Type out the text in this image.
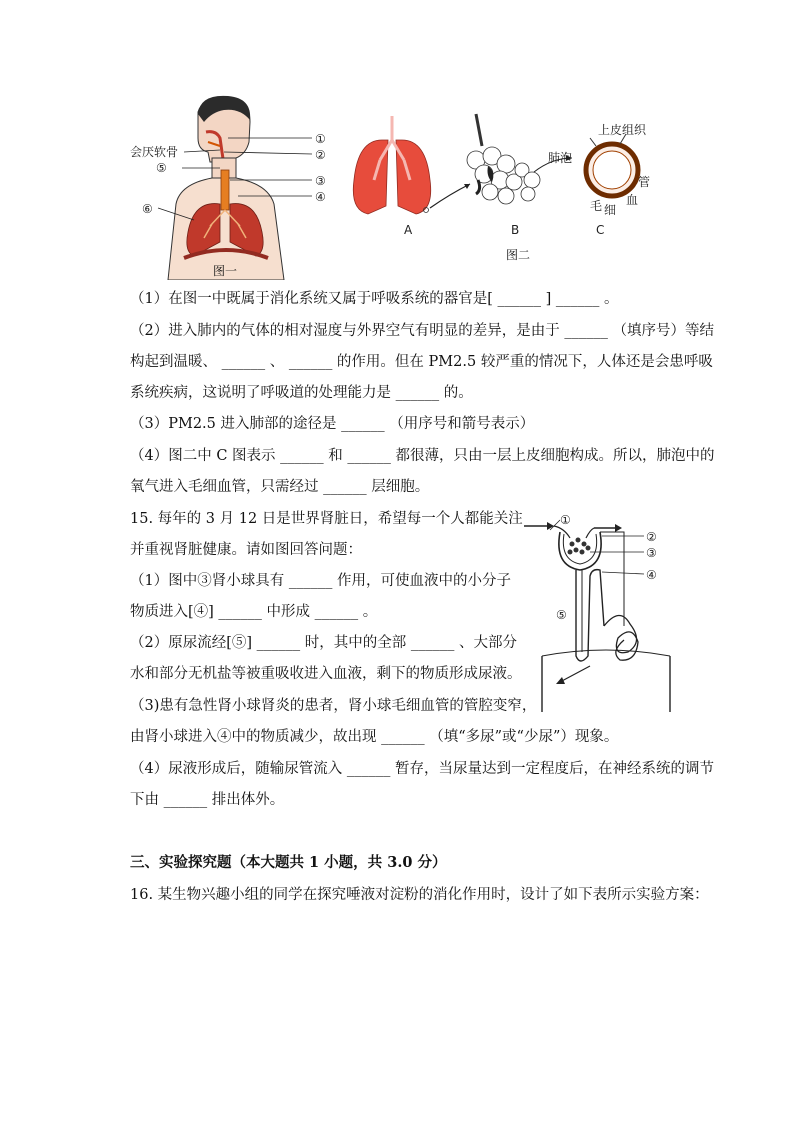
会厌软骨
①
②
③
④
⑤
⑥
图一
A	B	C
肺泡
上皮组织
毛 细
血
管
图二
（1）在图一中既属于消化系统又属于呼吸系统的器官是[ ______ ] ______ 。
（2）进入肺内的气体的相对湿度与外界空气有明显的差异，是由于 ______ （填序号）等结
构起到温暖、 ______ 、 ______ 的作用。但在 PM2.5 较严重的情况下，人体还是会患呼吸
系统疾病，这说明了呼吸道的处理能力是 ______ 的。
（3）PM2.5 进入肺部的途径是 ______ （用序号和箭号表示）
（4）图二中 C 图表示 ______ 和 ______ 都很薄，只由一层上皮细胞构成。所以，肺泡中的
氧气进入毛细血管，只需经过 ______ 层细胞。
15. 每年的 3 月 12 日是世界肾脏日，希望每一个人都能关注
并重视肾脏健康。请如图回答问题：
（1）图中③肾小球具有 ______ 作用，可使血液中的小分子
物质进入[④] ______ 中形成 ______ 。
（2）原尿流经[⑤] ______ 时，其中的全部 ______ 、大部分
水和部分无机盐等被重吸收进入血液，剩下的物质形成尿液。
（3)患有急性肾小球肾炎的患者，肾小球毛细血管的管腔变窄，
由肾小球进入④中的物质减少，故出现 ______ （填“多尿”或“少尿”）现象。
（4）尿液形成后，随输尿管流入 ______ 暂存，当尿量达到一定程度后，在神经系统的调节
下由 ______ 排出体外。
①
②
③
④
⑤
三、实验探究题（本大题共 1 小题，共 3.0 分）
16. 某生物兴趣小组的同学在探究唾液对淀粉的消化作用时，设计了如下表所示实验方案：
